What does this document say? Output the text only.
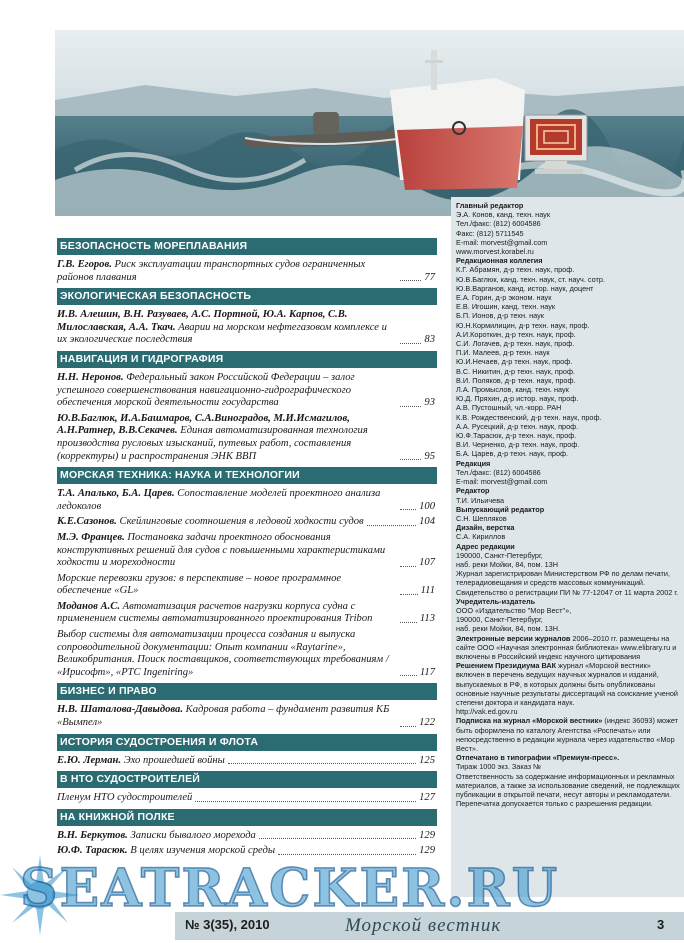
БЕЗОПАСНОСТЬ МОРЕПЛАВАНИЯ
Г.В. Егоров. Риск эксплуатации транспортных судов ограниченных районов плавания	77
ЭКОЛОГИЧЕСКАЯ БЕЗОПАСНОСТЬ
И.В. Алешин, В.Н. Разуваев, А.С. Портной, Ю.А. Карпов, С.В. Милославская, А.А. Ткач. Аварии на морском нефтегазовом комплексе и их экологические последствия	83
НАВИГАЦИЯ И ГИДРОГРАФИЯ
Н.Н. Неронов. Федеральный закон Российской Федерации – залог успешного совершенствования навигационно-гидрографического обеспечения морской деятельности государства	93
Ю.В.Баглюк, И.А.Башмаров, С.А.Виноградов, М.И.Исмагилов, А.Н.Ратнер, В.В.Секачев. Единая автоматизированная технология производства русловых изысканий, путевых работ, составления (корректуры) и распространения ЭНК ВВП	95
МОРСКАЯ ТЕХНИКА: НАУКА И ТЕХНОЛОГИИ
Т.А. Апалько, Б.А. Царев. Сопоставление моделей проектного анализа ледоколов	100
К.Е.Сазонов. Скейлинговые соотношения в ледовой ходкости судов	104
М.Э. Францев. Постановка задачи проектного обоснования конструктивных решений для судов с повышенными характеристиками ходкости и мореходности	107
Морские перевозки грузов: в перспективе – новое программное обеспечение «GL»	111
Моданов А.С. Автоматизация расчетов нагрузки корпуса судна с применением системы автоматизированного проектирования Tribon	113
Выбор системы для автоматизации процесса создания и выпуска сопроводительной документации: Опыт компании «Raytarine», Великобритания. Поиск поставщиков, соответствующих требованиям / «Ирисофт», «PTC Ingeniring»	117
БИЗНЕС И ПРАВО
Н.В. Шаталова-Давыдова. Кадровая работа – фундамент развития КБ «Вымпел»	122
ИСТОРИЯ СУДОСТРОЕНИЯ И ФЛОТА
Е.Ю. Лерман. Эхо прошедшей войны	125
В НТО СУДОСТРОИТЕЛЕЙ
Пленум НТО судостроителей	127
НА КНИЖНОЙ ПОЛКЕ
В.Н. Беркутов. Записки бывалого морехода	129
Ю.Ф. Тарасюк. В целях изучения морской среды	129
Главный редактор
Э.А. Конов, канд. техн. наук
Тел./факс: (812) 6004586
Факс: (812) 5711545
E-mail: morvest@gmail.com
www.morvest.korabel.ru
Редакционная коллегия
К.Г. Абрамян, д-р техн. наук, проф.
Ю.В.Баглюк, канд. техн. наук, ст. науч. сотр.
Ю.В.Варганов, канд. истор. наук, доцент
Е.А. Горин, д-р эконом. наук
Е.В. Игошин, канд. техн. наук
Б.П. Ионов, д-р техн. наук
Ю.Н.Кормилицин, д-р техн. наук, проф.
А.И.Короткин, д-р техн. наук, проф.
С.И. Логачев, д-р техн. наук, проф.
П.И. Малеев, д-р техн. наук
Ю.И.Нечаев, д-р техн. наук, проф.
В.С. Никитин, д-р техн. наук, проф.
В.И. Поляков, д-р техн. наук, проф.
Л.А. Промыслов, канд. техн. наук
Ю.Д. Пряхин, д-р истор. наук, проф.
А.В. Пустошный, чл.-корр. РАН
К.В. Рождественский, д-р техн. наук, проф.
А.А. Русецкий, д-р техн. наук, проф.
Ю.Ф.Тарасюк, д-р техн. наук, проф.
В.И. Черненко, д-р техн. наук, проф.
Б.А. Царев, д-р техн. наук, проф.
Редакция
Тел./факс: (812) 6004586
E-mail: morvest@gmail.com
Редактор
Т.И. Ильичева
Выпускающий редактор
С.Н. Шепляков
Дизайн, верстка
С.А. Кириллов
Адрес редакции
190000, Санкт-Петербург,
наб. реки Мойки, 84, пом. 13Н
Журнал зарегистрирован Министерством РФ по делам печати, телерадиовещания и средств массовых коммуникаций. Свидетельство о регистрации ПИ № 77-12047 от 11 марта 2002 г.
Учредитель-издатель
ООО «Издательство "Мор Вест"»,
190000, Санкт-Петербург,
наб. реки Мойки, 84, пом. 13Н.
Электронные версии журналов 2006–2010 гг. размещены на сайте ООО «Научная электронная библиотека» www.elibrary.ru и включены в Российский индекс научного цитирования
Решением Президиума ВАК журнал «Морской вестник» включен в перечень ведущих научных журналов и изданий, выпускаемых в РФ, в которых должны быть опубликованы основные научные результаты диссертаций на соискание ученой степени доктора и кандидата наук.
http://vak.ed.gov.ru
Подписка на журнал «Морской вестник» (индекс 36093) может быть оформлена по каталогу Агентства «Роспечать» или непосредственно в редакции журнала через издательство «Мор Вест».
Отпечатано в типографии «Премиум-пресс».
Тираж 1000 экз. Заказ №
Ответственность за содержание информационных и рекламных материалов, а также за использование сведений, не подлежащих публикации в открытой печати, несут авторы и рекламодатели. Перепечатка допускается только с разрешения редакции.
№ 3(35), 2010	Морской вестник	3
SEATRACKER.RU
